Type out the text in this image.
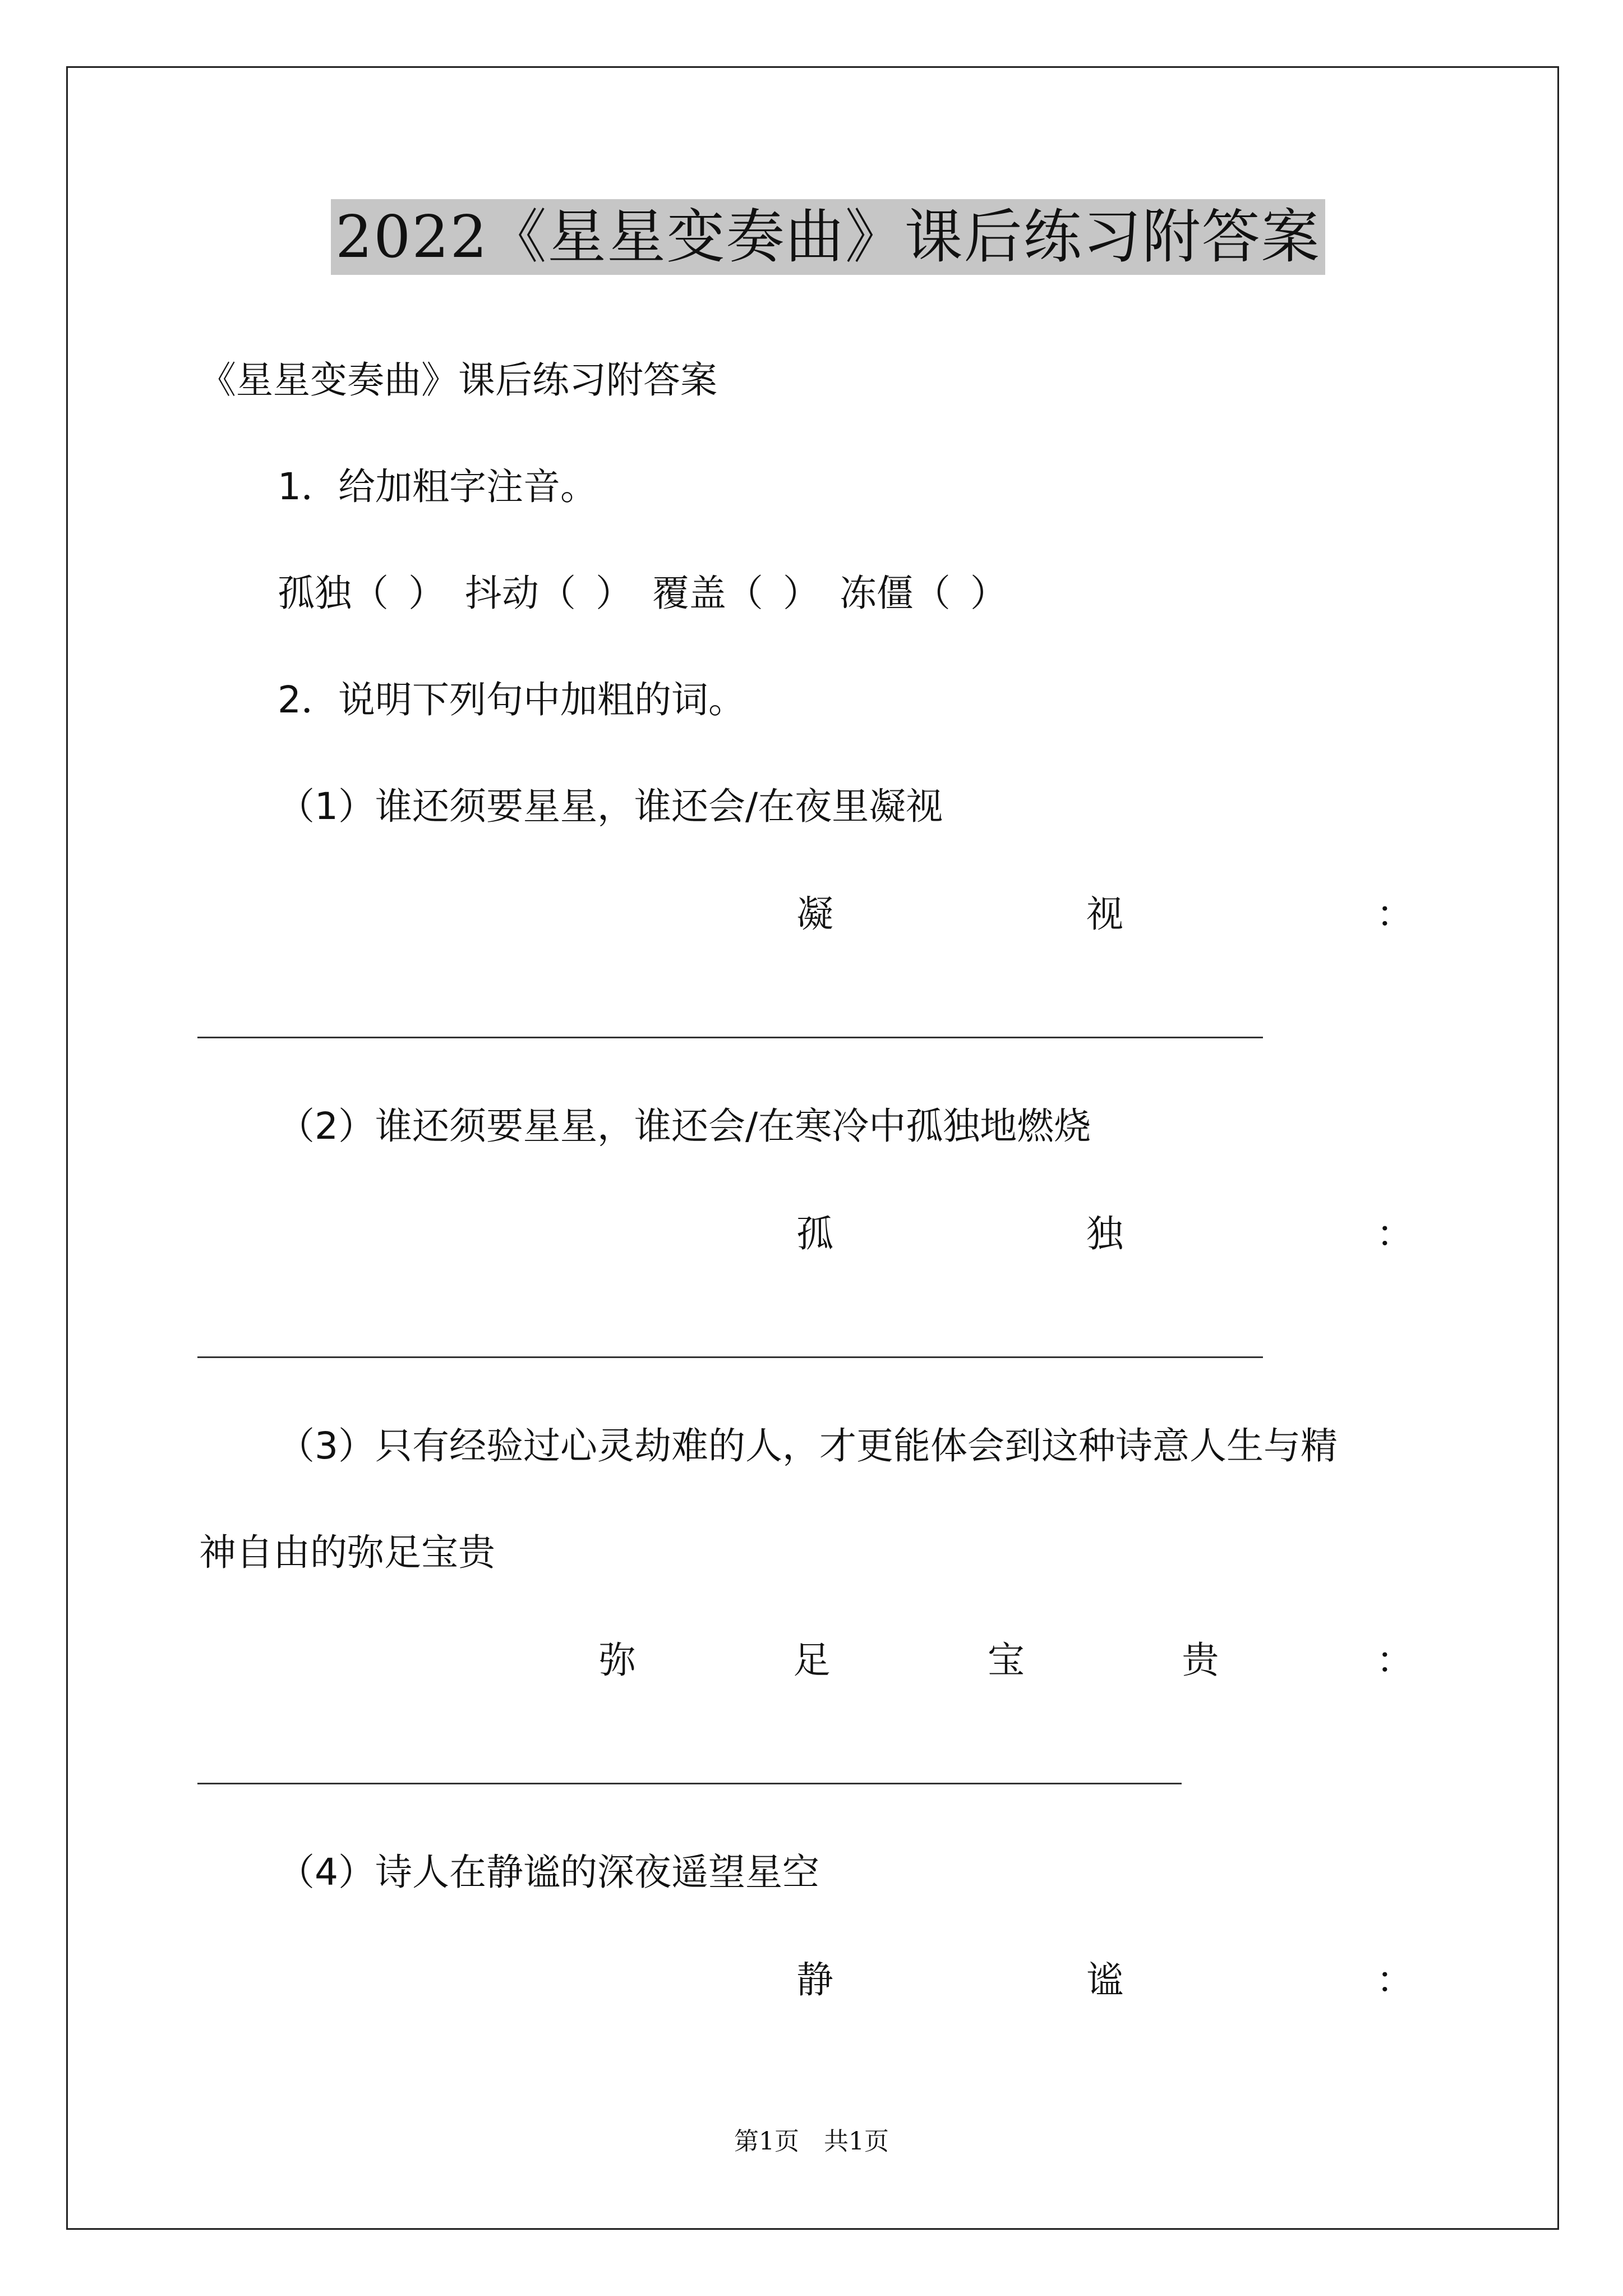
2022《星星变奏曲》课后练习附答案
《星星变奏曲》课后练习附答案
1．给加粗字注音。
孤独（ ） 抖动（ ） 覆盖（ ） 冻僵（ ）
2．说明下列句中加粗的词。
（1）谁还须要星星，谁还会/在夜里凝视
凝	视	：
（2）谁还须要星星，谁还会/在寒冷中孤独地燃烧
孤	独	：
（3）只有经验过心灵劫难的人，才更能体会到这种诗意人生与精
神自由的弥足宝贵
弥	足	宝	贵	：
（4）诗人在静谧的深夜遥望星空
静	谧	：
第1页　共1页
